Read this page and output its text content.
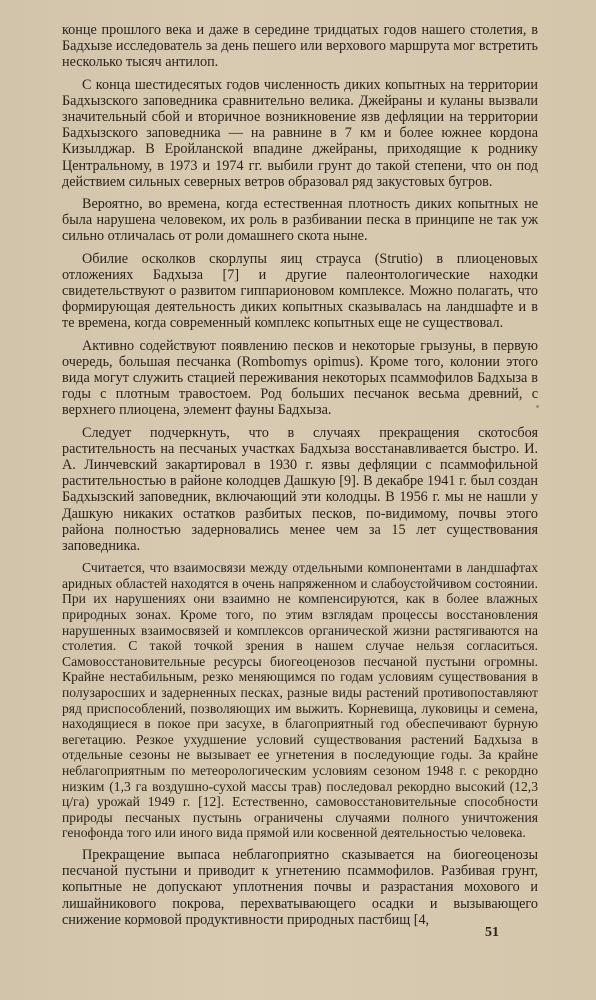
конце прошлого века и даже в середине тридцатых годов нашего столетия, в Бадхызе исследователь за день пешего или верхового маршрута мог встретить несколько тысяч антилоп.

С конца шестидесятых годов численность диких копытных на территории Бадхызского заповедника сравнительно велика. Джейраны и куланы вызвали значительный сбой и вторичное возникновение язв дефляции на территории Бадхызского заповедника — на равнине в 7 км и более южнее кордона Кизылджар. В Еройланской впадине джейраны, приходящие к роднику Центральному, в 1973 и 1974 гг. выбили грунт до такой степени, что он под действием сильных северных ветров образовал ряд закустовых бугров.

Вероятно, во времена, когда естественная плотность диких копытных не была нарушена человеком, их роль в разбивании песка в принципе не так уж сильно отличалась от роли домашнего скота ныне.

Обилие осколков скорлупы яиц страуса (Strutio) в плиоценовых отложениях Бадхыза [7] и другие палеонтологические находки свидетельствуют о развитом гиппарионовом комплексе. Можно полагать, что формирующая деятельность диких копытных сказывалась на ландшафте и в те времена, когда современный комплекс копытных еще не существовал.

Активно содействуют появлению песков и некоторые грызуны, в первую очередь, большая песчанка (Rombomys opimus). Кроме того, колонии этого вида могут служить стацией переживания некоторых псаммофилов Бадхыза в годы с плотным травостоем. Род больших песчанок весьма древний, с верхнего плиоцена, элемент фауны Бадхыза.

Следует подчеркнуть, что в случаях прекращения скотосбоя растительность на песчаных участках Бадхыза восстанавливается быстро. И. А. Линчевский закартировал в 1930 г. язвы дефляции с псаммофильной растительностью в районе колодцев Дашкую [9]. В декабре 1941 г. был создан Бадхызский заповедник, включающий эти колодцы. В 1956 г. мы не нашли у Дашкую никаких остатков разбитых песков, по-видимому, почвы этого района полностью задерновались менее чем за 15 лет существования заповедника.

Считается, что взаимосвязи между отдельными компонентами в ландшафтах аридных областей находятся в очень напряженном и слабоустойчивом состоянии. При их нарушениях они взаимно не компенсируются, как в более влажных природных зонах. Кроме того, по этим взглядам процессы восстановления нарушенных взаимосвязей и комплексов органической жизни растягиваются на столетия. С такой точкой зрения в нашем случае нельзя согласиться. Самовосстановительные ресурсы биогеоценозов песчаной пустыни огромны. Крайне нестабильным, резко меняющимся по годам условиям существования в полузаросших и задерненных песках, разные виды растений противопоставляют ряд приспособлений, позволяющих им выжить. Корневища, луковицы и семена, находящиеся в покое при засухе, в благоприятный год обеспечивают бурную вегетацию. Резкое ухудшение условий существования растений Бадхыза в отдельные сезоны не вызывает ее угнетения в последующие годы. За крайне неблагоприятным по метеорологическим условиям сезоном 1948 г. с рекордно низким (1,3 га воздушно-сухой массы трав) последовал рекордно высокий (12,3 ц/га) урожай 1949 г. [12]. Естественно, самовосстановительные способности природы песчаных пустынь ограничены случаями полного уничтожения генофонда того или иного вида прямой или косвенной деятельностью человека.

Прекращение выпаса неблагоприятно сказывается на биогеоценозы песчаной пустыни и приводит к угнетению псаммофилов. Разбивая грунт, копытные не допускают уплотнения почвы и разрастания мохового и лишайникового покрова, перехватывающего осадки и вызывающего снижение кормовой продуктивности природных пастбищ [4,

51
